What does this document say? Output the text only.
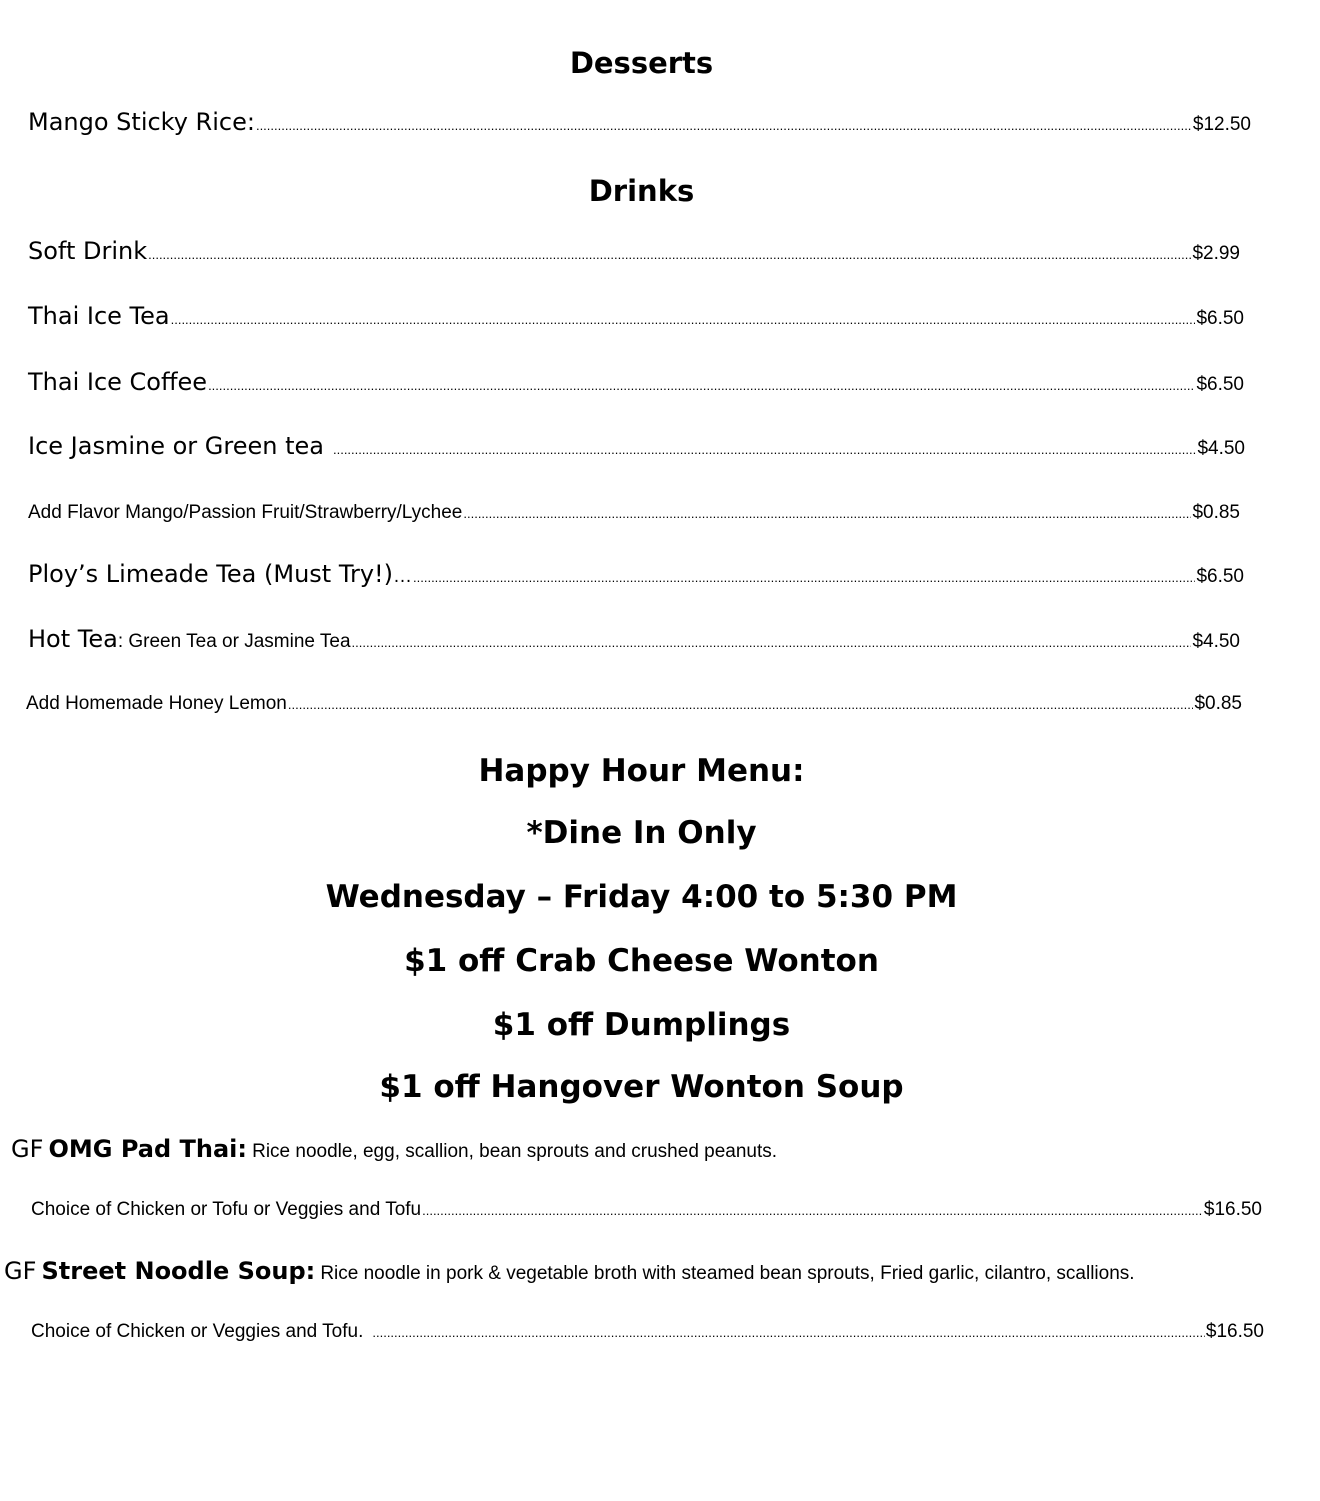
Desserts
Mango Sticky Rice: .....	$12.50
Drinks
Soft Drink .....	$2.99
Thai Ice Tea .....	$6.50
Thai Ice Coffee .....	$6.50
Ice Jasmine or Green tea .....	$4.50
Add Flavor Mango/Passion Fruit/Strawberry/Lychee .....	$0.85
Ploy’s Limeade Tea (Must Try!) … .....	$6.50
Hot Tea : Green Tea or Jasmine Tea .....	$4.50
Add Homemade Honey Lemon .....	$0.85
Happy Hour Menu:
*Dine In Only
Wednesday – Friday 4:00 to 5:30 PM
$1 off Crab Cheese Wonton
$1 off Dumplings
$1 off Hangover Wonton Soup
GF OMG Pad Thai: Rice noodle, egg, scallion, bean sprouts and crushed peanuts.
Choice of Chicken or Tofu or Veggies and Tofu .....	$16.50
GF Street Noodle Soup: Rice noodle in pork & vegetable broth with steamed bean sprouts, Fried garlic, cilantro, scallions.
Choice of Chicken or Veggies and Tofu. .....	$16.50
